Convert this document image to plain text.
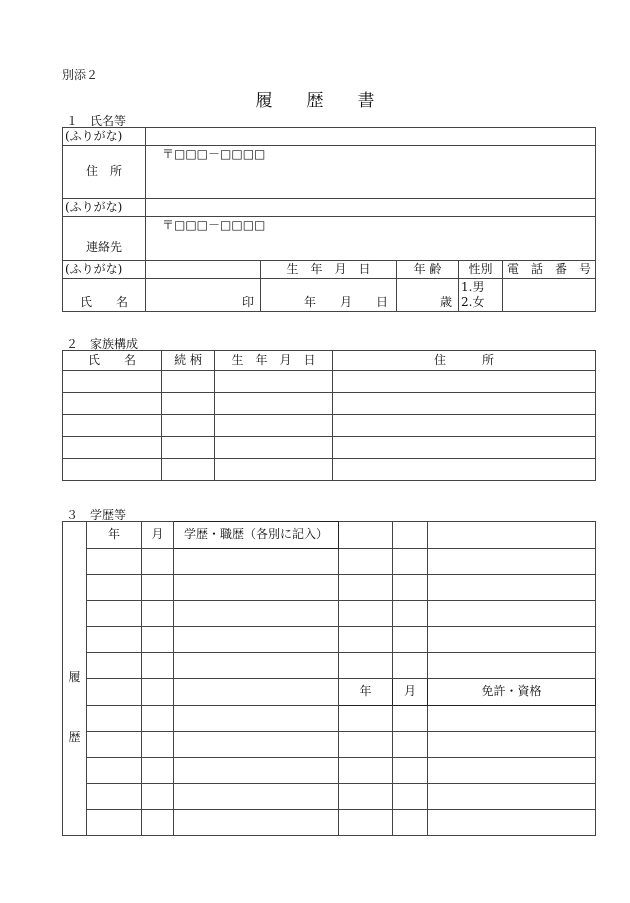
別添２
履　　歴　　書
１　氏名等
(ふりがな)					
住　所	〒□□□－□□□□				

(ふりがな)					
連絡先	〒□□□－□□□□				

(ふりがな)		生　年　月　日	年 齢	性別	電　話　番　号
氏　　名	印	年　　月　　日	歳	1.男
2.女	

２　家族構成
氏　　名	続 柄	生　年　月　日	住　　　所

３　学歴等
履
歴	年	月	学歴・職歴（各別に記入）			

				年	月	免許・資格
